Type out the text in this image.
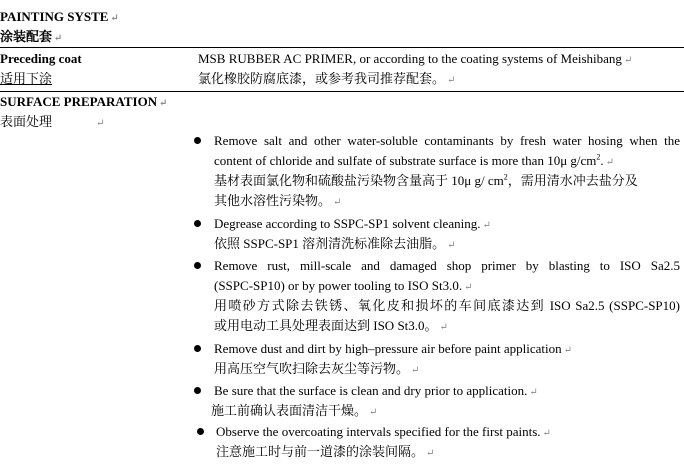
PAINTING SYSTE ↵
涂装配套 ↵
Preceding coat
适用下涂
MSB RUBBER AC PRIMER, or according to the coating systems of Meishibang ↵
氯化橡胶防腐底漆，或参考我司推荐配套。 ↵
SURFACE PREPARATION ↵
表面处理	↵
Remove salt and other water-soluble contaminants by fresh water hosing when the
content of chloride and sulfate of substrate surface is more than 10μ $g/cm^2$. ↵
基材表面氯化物和硫酸盐污染物含量高于 10μ g/ $cm^2$，需用清水冲去盐分及
其他水溶性污染物。 ↵
Degrease according to SSPC-SP1 solvent cleaning. ↵
依照 SSPC-SP1 溶剂清洗标准除去油脂。 ↵
Remove rust, mill-scale and damaged shop primer by blasting to ISO Sa2.5
(SSPC-SP10) or by power tooling to ISO St3.0. ↵
用喷砂方式除去铁锈、氧化皮和损坏的车间底漆达到 ISO Sa2.5 (SSPC-SP10)
或用电动工具处理表面达到 ISO St3.0。 ↵
Remove dust and dirt by high–pressure air before paint application ↵
用高压空气吹扫除去灰尘等污物。 ↵
Be sure that the surface is clean and dry prior to application. ↵
施工前确认表面清洁干燥。 ↵
Observe the overcoating intervals specified for the first paints. ↵
注意施工时与前一道漆的涂装间隔。 ↵
